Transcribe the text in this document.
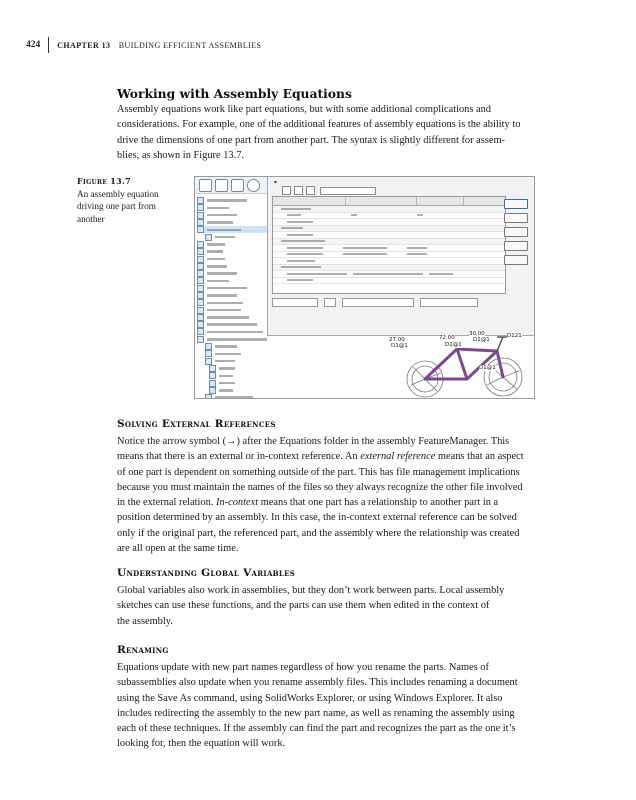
424 CHAPTER 13 BUILDING EFFICIENT ASSEMBLIES
Working with Assembly Equations

Assembly equations work like part equations, but with some additional complications and
considerations. For example, one of the additional features of assembly equations is the ability to
drive the dimensions of one part from another part. The syntax is slightly different for assem-
blies, as shown in Figure 13.7.

Figure 13.7
An assembly equation driving one part from another
▪
27.00
D1@1
72.00
D1@1
30.00
D1@1
D121
D1@1
Solving External References

Notice the arrow symbol (→) after the Equations folder in the assembly FeatureManager. This
means that there is an external or in-context reference. An external reference means that an aspect
of one part is dependent on something outside of the part. This has file management implications
because you must maintain the names of the files so they always recognize the other file involved
in the external relation. In-context means that one part has a relationship to another part in a
position determined by an assembly. In this case, the in-context external reference can be solved
only if the original part, the referenced part, and the assembly where the relationship was created
are all open at the same time.

Understanding Global Variables

Global variables also work in assemblies, but they don’t work between parts. Local assembly
sketches can use these functions, and the parts can use them when edited in the context of
the assembly.

Renaming

Equations update with new part names regardless of how you rename the parts. Names of
subassemblies also update when you rename assembly files. This includes renaming a document
using the Save As command, using SolidWorks Explorer, or using Windows Explorer. It also
includes redirecting the assembly to the new part name, as well as renaming the assembly using
each of these techniques. If the assembly can find the part and recognizes the part as the one it’s
looking for, then the equation will work.
